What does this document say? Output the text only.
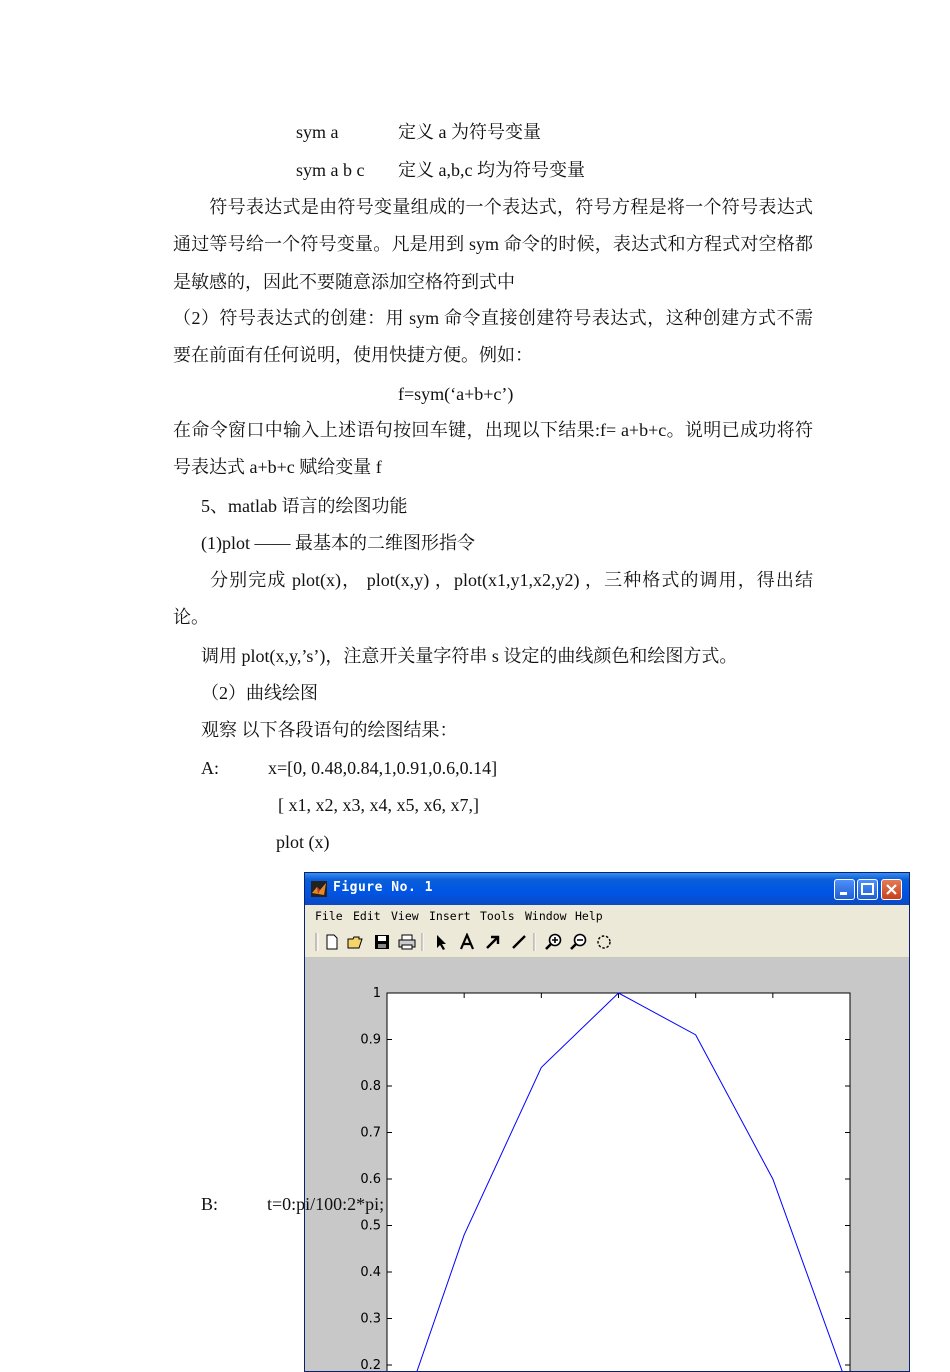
sym a	定义 a 为符号变量
sym a b c 定义 a,b,c 均为符号变量
符号表达式是由符号变量组成的一个表达式，符号方程是将一个符号表达式通过等号给一个符号变量。凡是用到 sym 命令的时候，表达式和方程式对空格都是敏感的，因此不要随意添加空格符到式中
（2）符号表达式的创建：用 sym 命令直接创建符号表达式，这种创建方式不需要在前面有任何说明，使用快捷方便。例如：
f=sym(‘a+b+c’)
在命令窗口中输入上述语句按回车键，出现以下结果:f= a+b+c。说明已成功将符号表达式 a+b+c 赋给变量 f
5、matlab 语言的绘图功能
(1)plot —— 最基本的二维图形指令
分别完成 plot(x)， plot(x,y) ，plot(x1,y1,x2,y2) ，三种格式的调用，得出结论。
调用 plot(x,y,’s’)，注意开关量字符串 s 设定的曲线颜色和绘图方式。
（2）曲线绘图
观察 以下各段语句的绘图结果：
A:	x=[0, 0.48,0.84,1,0.91,0.6,0.14]
[ x1, x2, x3, x4, x5, x6, x7,]
plot (x)
Figure No. 1
File Edit View Insert Tools Window Help
0.2
0.3
0.4
0.5
0.6
0.7
0.8
0.9
1
B:	t=0:pi/100:2*pi;
